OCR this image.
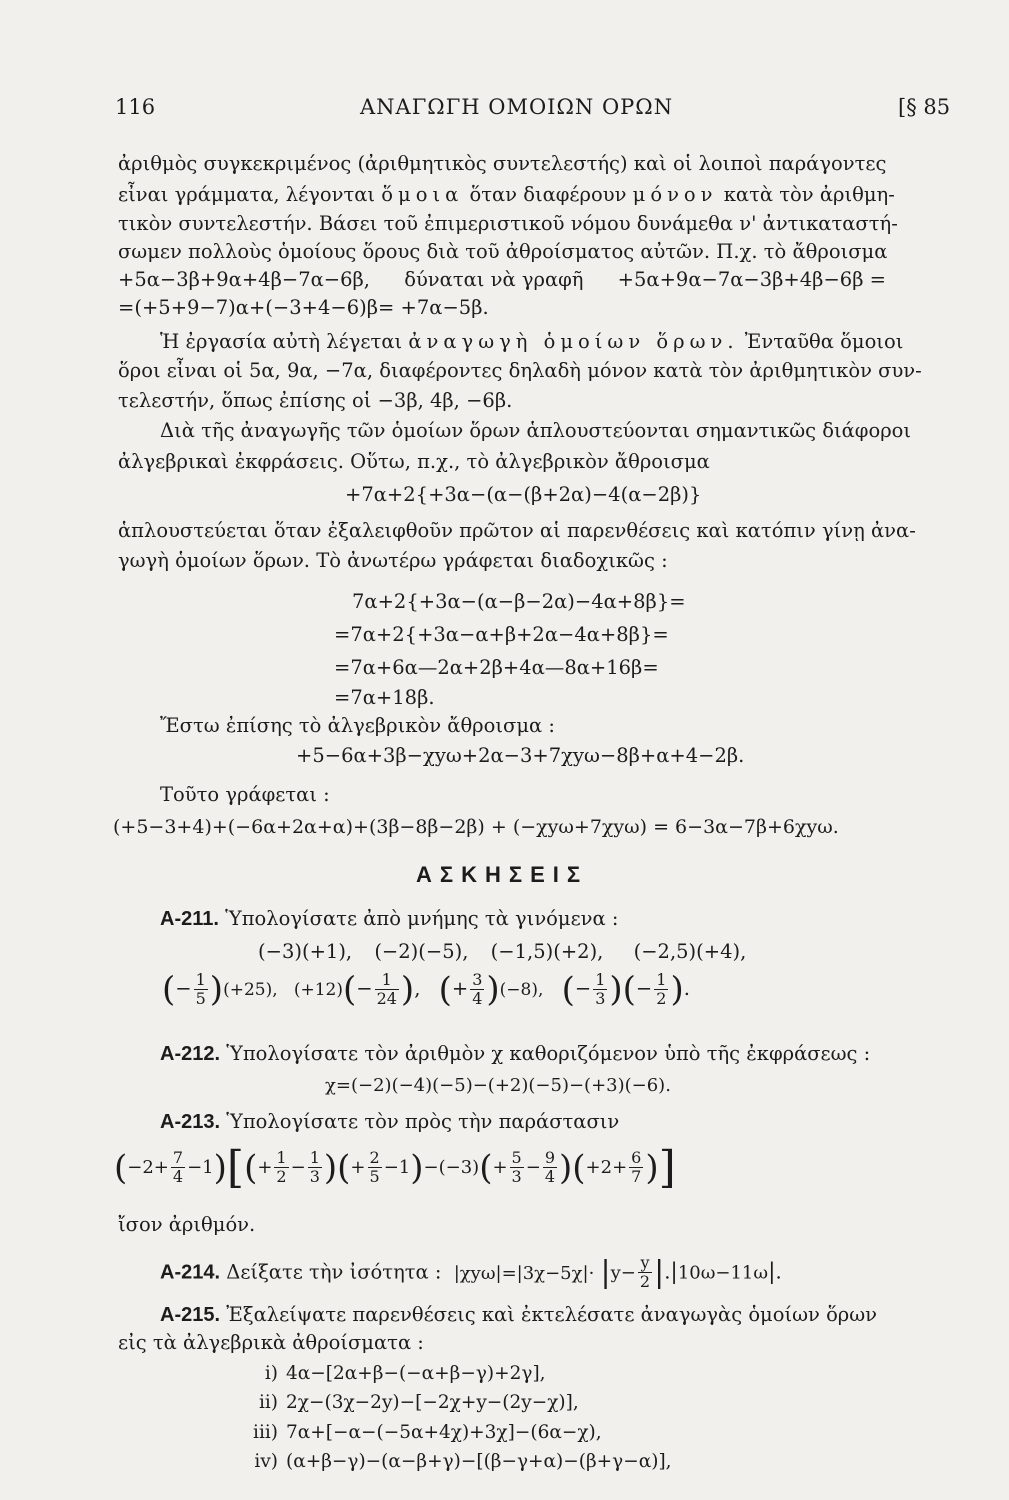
116	ΑΝΑΓΩΓΗ ΟΜΟΙΩΝ ΟΡΩΝ	[§ 85
ἀριθμὸς συγκεκριμένος (ἀριθμητικὸς συντελεστής) καὶ οἱ λοιποὶ παράγοντες
εἶναι γράμματα, λέγονται ὅμοια ὅταν διαφέρουν μόνον κατὰ τὸν ἀριθμη-
τικὸν συντελεστήν. Βάσει τοῦ ἐπιμεριστικοῦ νόμου δυνάμεθα ν' ἀντικαταστή-
σωμεν πολλοὺς ὁμοίους ὅρους διὰ τοῦ ἀθροίσματος αὐτῶν. Π.χ. τὸ ἄθροισμα
+5α−3β+9α+4β−7α−6β, δύναται νὰ γραφῆ +5α+9α−7α−3β+4β−6β =
=(+5+9−7)α+(−3+4−6)β= +7α−5β.
Ἡ ἐργασία αὐτὴ λέγεται ἀναγωγὴ ὁμοίων ὅρων. Ἐνταῦθα ὅμοιοι
ὅροι εἶναι οἱ 5α, 9α, −7α, διαφέροντες δηλαδὴ μόνον κατὰ τὸν ἀριθμητικὸν συν-
τελεστήν, ὅπως ἐπίσης οἱ −3β, 4β, −6β.
Διὰ τῆς ἀναγωγῆς τῶν ὁμοίων ὅρων ἁπλουστεύονται σημαντικῶς διάφοροι
ἀλγεβρικαὶ ἐκφράσεις. Οὕτω, π.χ., τὸ ἀλγεβρικὸν ἄθροισμα
+7α+2{+3α−(α−(β+2α)−4(α−2β)}
ἁπλουστεύεται ὅταν ἐξαλειφθοῦν πρῶτον αἱ παρενθέσεις καὶ κατόπιν γίνῃ ἀνα-
γωγὴ ὁμοίων ὅρων. Τὸ ἀνωτέρω γράφεται διαδοχικῶς :
7α+2{+3α−(α−β−2α)−4α+8β}=
=7α+2{+3α−α+β+2α−4α+8β}=
=7α+6α—2α+2β+4α—8α+16β=
=7α+18β.
Ἔστω ἐπίσης τὸ ἀλγεβρικὸν ἄθροισμα :
+5−6α+3β−χyω+2α−3+7χyω−8β+α+4−2β.
Τοῦτο γράφεται :
(+5−3+4)+(−6α+2α+α)+(3β−8β−2β) + (−χyω+7χyω) = 6−3α−7β+6χyω.
ΑΣΚΗΣΕΙΣ
Α-211. Ὑπολογίσατε ἀπὸ μνήμης τὰ γινόμενα :
(−3)(+1), (−2)(−5), (−1,5)(+2), (−2,5)(+4),
(− $\frac{1}{5} )(+25)$, $(+12)(- \frac{1}{24}$ ), (+ $\frac{3}{4} )(-8)$, (− $\frac{1}{3}$ )(− $\frac{1}{2}$ ).
Α-212. Ὑπολογίσατε τὸν ἀριθμὸν χ καθοριζόμενον ὑπὸ τῆς ἐκφράσεως :
χ=(−2)(−4)(−5)−(+2)(−5)−(+3)(−6).
Α-213. Ὑπολογίσατε τὸν πρὸς τὴν παράστασιν
$(-2+ \frac{7}{4} -1)[(+ \frac{1}{2} - \frac{1}{3}$ )(+ $\frac{2}{5} -1)-(-3)(+ \frac{5}{3} - \frac{9}{4} )(+2+ \frac{6}{7}$ )]
ἴσον ἀριθμόν.
Α-214. Δείξατε τὴν ἰσότητα : $|\chi y\omega|=|3\chi-5\chi|\cdot |y- \frac{y}{2} |.|10\omega-11\omega|$.
Α-215. Ἐξαλείψατε παρενθέσεις καὶ ἐκτελέσατε ἀναγωγὰς ὁμοίων ὅρων
εἰς τὰ ἀλγεβρικὰ ἀθροίσματα :
i) 4α−[2α+β−(−α+β−γ)+2γ],
ii) 2χ−(3χ−2y)−[−2χ+y−(2y−χ)],
iii) 7α+[−α−(−5α+4χ)+3χ]−(6α−χ),
iv) (α+β−γ)−(α−β+γ)−[(β−γ+α)−(β+γ−α)],
